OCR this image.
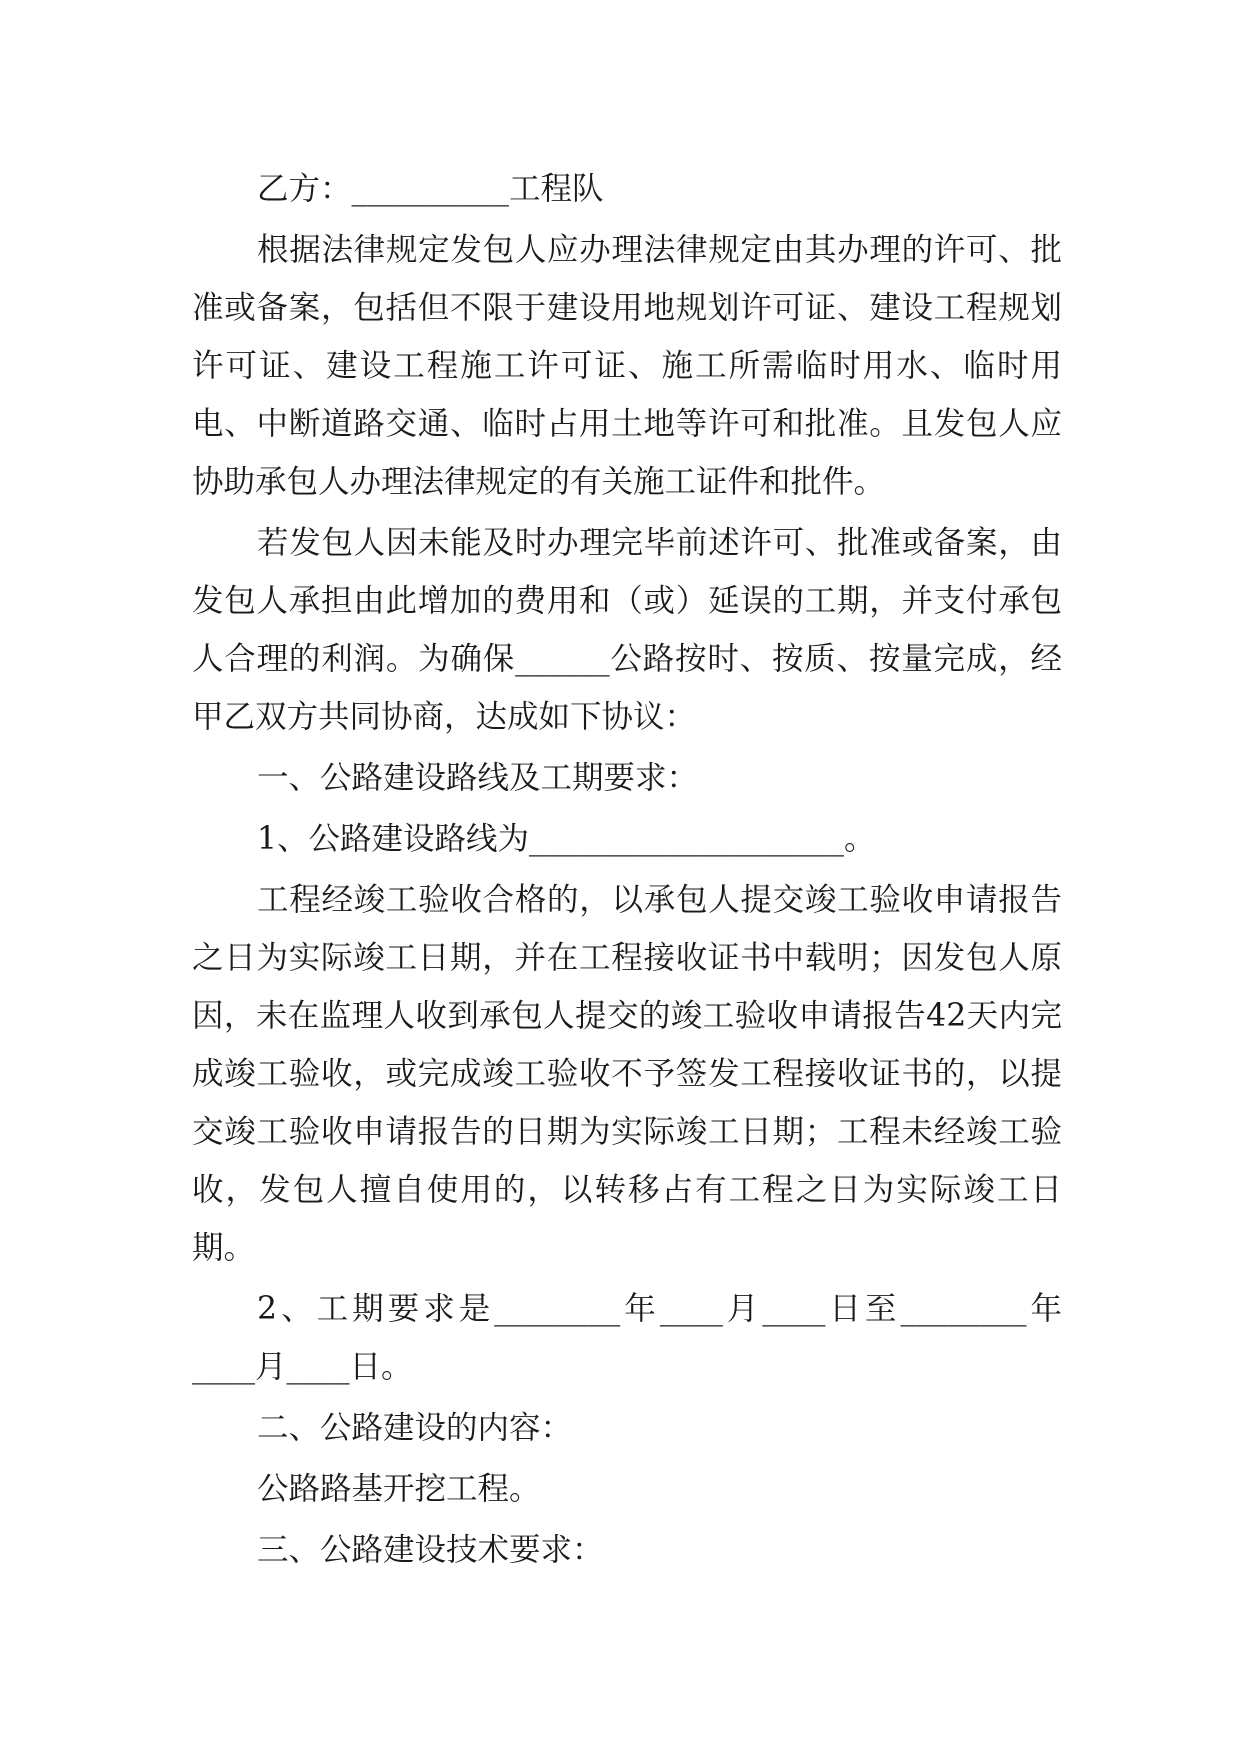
乙方：__________工程队

根据法律规定发包人应办理法律规定由其办理的许可、批准或备案，包括但不限于建设用地规划许可证、建设工程规划许可证、建设工程施工许可证、施工所需临时用水、临时用电、中断道路交通、临时占用土地等许可和批准。且发包人应协助承包人办理法律规定的有关施工证件和批件。

若发包人因未能及时办理完毕前述许可、批准或备案，由发包人承担由此增加的费用和（或）延误的工期，并支付承包人合理的利润。为确保______公路按时、按质、按量完成，经甲乙双方共同协商，达成如下协议：

一、公路建设路线及工期要求：

1、公路建设路线为____________________。

工程经竣工验收合格的，以承包人提交竣工验收申请报告之日为实际竣工日期，并在工程接收证书中载明；因发包人原因，未在监理人收到承包人提交的竣工验收申请报告42天内完成竣工验收，或完成竣工验收不予签发工程接收证书的，以提交竣工验收申请报告的日期为实际竣工日期；工程未经竣工验收，发包人擅自使用的，以转移占有工程之日为实际竣工日期。

2、工期要求是________年____月____日至________年____月____日。

二、公路建设的内容：

公路路基开挖工程。

三、公路建设技术要求：
